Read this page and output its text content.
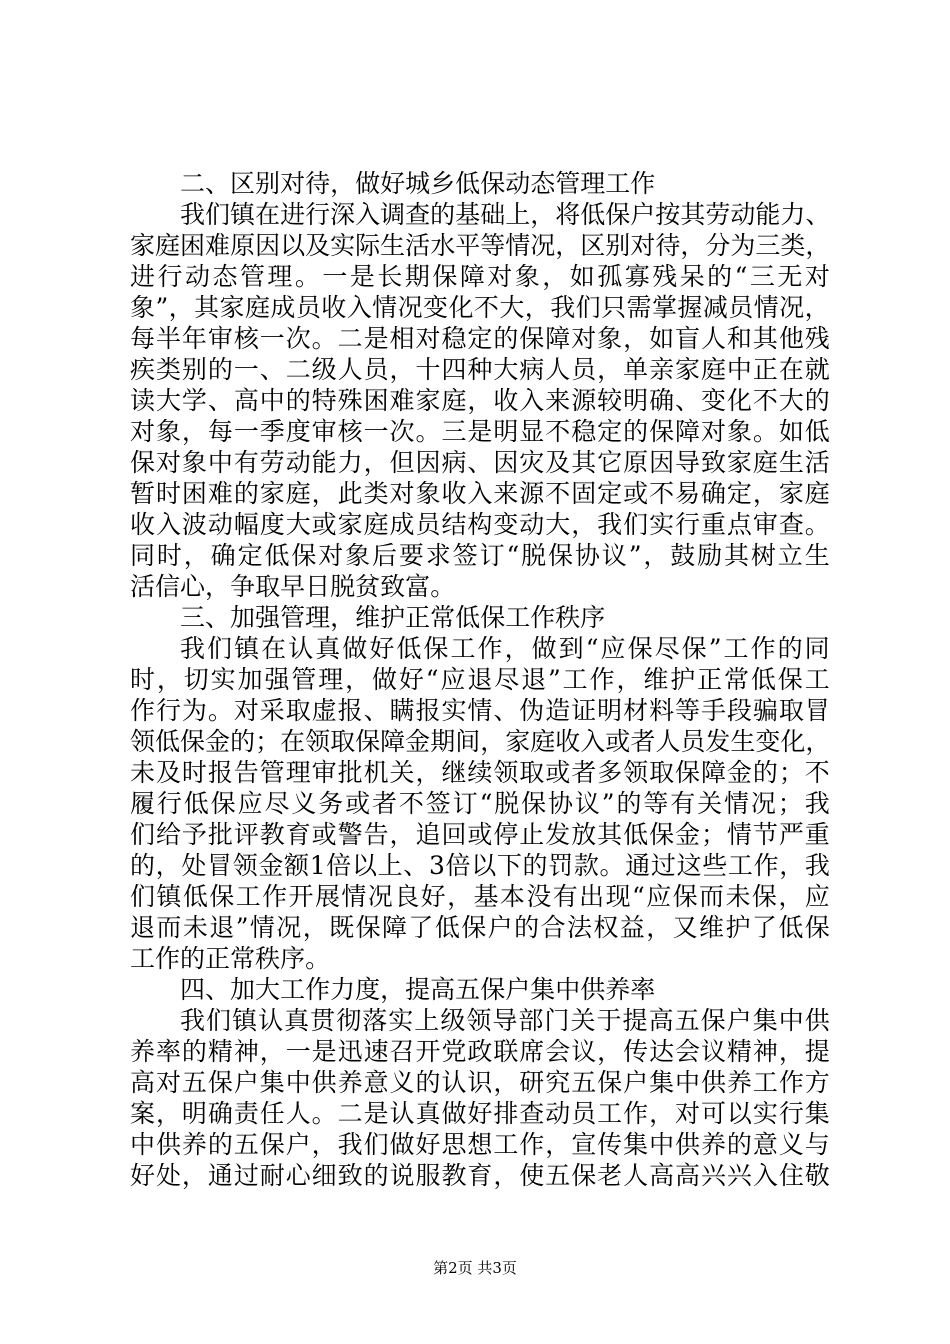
二 、 区 别 对 待 ， 做 好 城 乡 低 保 动 态 管 理 工 作
我 们 镇 在 进 行 深 入 调 查 的 基 础 上 ， 将 低 保 户 按 其 劳 动 能 力 、
家 庭 困 难 原 因 以 及 实 际 生 活 水 平 等 情 况 ， 区 别 对 待 ， 分 为 三 类 ，
进 行 动 态 管 理 。 一 是 长 期 保 障 对 象 ， 如 孤 寡 残 呆 的 “ 三 无 对
象 ” ， 其 家 庭 成 员 收 入 情 况 变 化 不 大 ， 我 们 只 需 掌 握 减 员 情 况 ，
每 半 年 审 核 一 次 。 二 是 相 对 稳 定 的 保 障 对 象 ， 如 盲 人 和 其 他 残
疾 类 别 的 一 、 二 级 人 员 ， 十 四 种 大 病 人 员 ， 单 亲 家 庭 中 正 在 就
读 大 学 、 高 中 的 特 殊 困 难 家 庭 ， 收 入 来 源 较 明 确 、 变 化 不 大 的
对 象 ， 每 一 季 度 审 核 一 次 。 三 是 明 显 不 稳 定 的 保 障 对 象 。 如 低
保 对 象 中 有 劳 动 能 力 ， 但 因 病 、 因 灾 及 其 它 原 因 导 致 家 庭 生 活
暂 时 困 难 的 家 庭 ， 此 类 对 象 收 入 来 源 不 固 定 或 不 易 确 定 ， 家 庭
收 入 波 动 幅 度 大 或 家 庭 成 员 结 构 变 动 大 ， 我 们 实 行 重 点 审 查 。
同 时 ， 确 定 低 保 对 象 后 要 求 签 订 “ 脱 保 协 议 ” ， 鼓 励 其 树 立 生
活 信 心 ， 争 取 早 日 脱 贫 致 富 。
三 、 加 强 管 理 ， 维 护 正 常 低 保 工 作 秩 序
我 们 镇 在 认 真 做 好 低 保 工 作 ， 做 到 “ 应 保 尽 保 ” 工 作 的 同
时 ， 切 实 加 强 管 理 ， 做 好 “ 应 退 尽 退 ” 工 作 ， 维 护 正 常 低 保 工
作 行 为 。 对 采 取 虚 报 、 瞒 报 实 情 、 伪 造 证 明 材 料 等 手 段 骗 取 冒
领 低 保 金 的 ； 在 领 取 保 障 金 期 间 ， 家 庭 收 入 或 者 人 员 发 生 变 化 ，
未 及 时 报 告 管 理 审 批 机 关 ， 继 续 领 取 或 者 多 领 取 保 障 金 的 ； 不
履 行 低 保 应 尽 义 务 或 者 不 签 订 “ 脱 保 协 议 ” 的 等 有 关 情 况 ； 我
们 给 予 批 评 教 育 或 警 告 ， 追 回 或 停 止 发 放 其 低 保 金 ； 情 节 严 重
的 ， 处 冒 领 金 额 1 倍 以 上 、 3 倍 以 下 的 罚 款 。 通 过 这 些 工 作 ， 我
们 镇 低 保 工 作 开 展 情 况 良 好 ， 基 本 没 有 出 现 “ 应 保 而 未 保 ， 应
退 而 未 退 ” 情 况 ， 既 保 障 了 低 保 户 的 合 法 权 益 ， 又 维 护 了 低 保
工 作 的 正 常 秩 序 。
四 、 加 大 工 作 力 度 ， 提 高 五 保 户 集 中 供 养 率
我 们 镇 认 真 贯 彻 落 实 上 级 领 导 部 门 关 于 提 高 五 保 户 集 中 供
养 率 的 精 神 ， 一 是 迅 速 召 开 党 政 联 席 会 议 ， 传 达 会 议 精 神 ， 提
高 对 五 保 户 集 中 供 养 意 义 的 认 识 ， 研 究 五 保 户 集 中 供 养 工 作 方
案 ， 明 确 责 任 人 。 二 是 认 真 做 好 排 查 动 员 工 作 ， 对 可 以 实 行 集
中 供 养 的 五 保 户 ， 我 们 做 好 思 想 工 作 ， 宣 传 集 中 供 养 的 意 义 与
好 处 ， 通 过 耐 心 细 致 的 说 服 教 育 ， 使 五 保 老 人 高 高 兴 兴 入 住 敬
第2页 共3页
